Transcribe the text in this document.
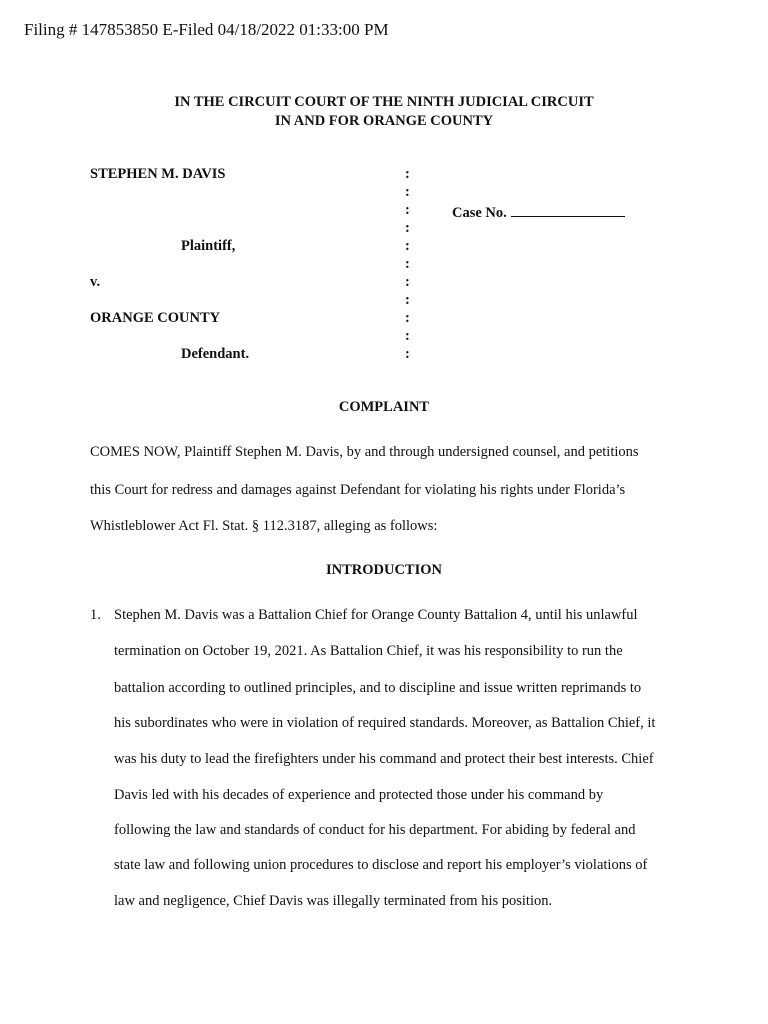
Filing # 147853850 E-Filed 04/18/2022 01:33:00 PM
IN THE CIRCUIT COURT OF THE NINTH JUDICIAL CIRCUIT
IN AND FOR ORANGE COUNTY
STEPHEN M. DAVIS
Plaintiff,
v.
ORANGE COUNTY
Defendant.
:
:
:
:
:
:
:
:
:
:
:
Case No.
COMPLAINT
COMES NOW, Plaintiff Stephen M. Davis, by and through undersigned counsel, and petitions
this Court for redress and damages against Defendant for violating his rights under Florida’s
Whistleblower Act Fl. Stat. § 112.3187, alleging as follows:
INTRODUCTION
1. Stephen M. Davis was a Battalion Chief for Orange County Battalion 4, until his unlawful
termination on October 19, 2021. As Battalion Chief, it was his responsibility to run the
battalion according to outlined principles, and to discipline and issue written reprimands to
his subordinates who were in violation of required standards. Moreover, as Battalion Chief, it
was his duty to lead the firefighters under his command and protect their best interests. Chief
Davis led with his decades of experience and protected those under his command by
following the law and standards of conduct for his department. For abiding by federal and
state law and following union procedures to disclose and report his employer’s violations of
law and negligence, Chief Davis was illegally terminated from his position.
